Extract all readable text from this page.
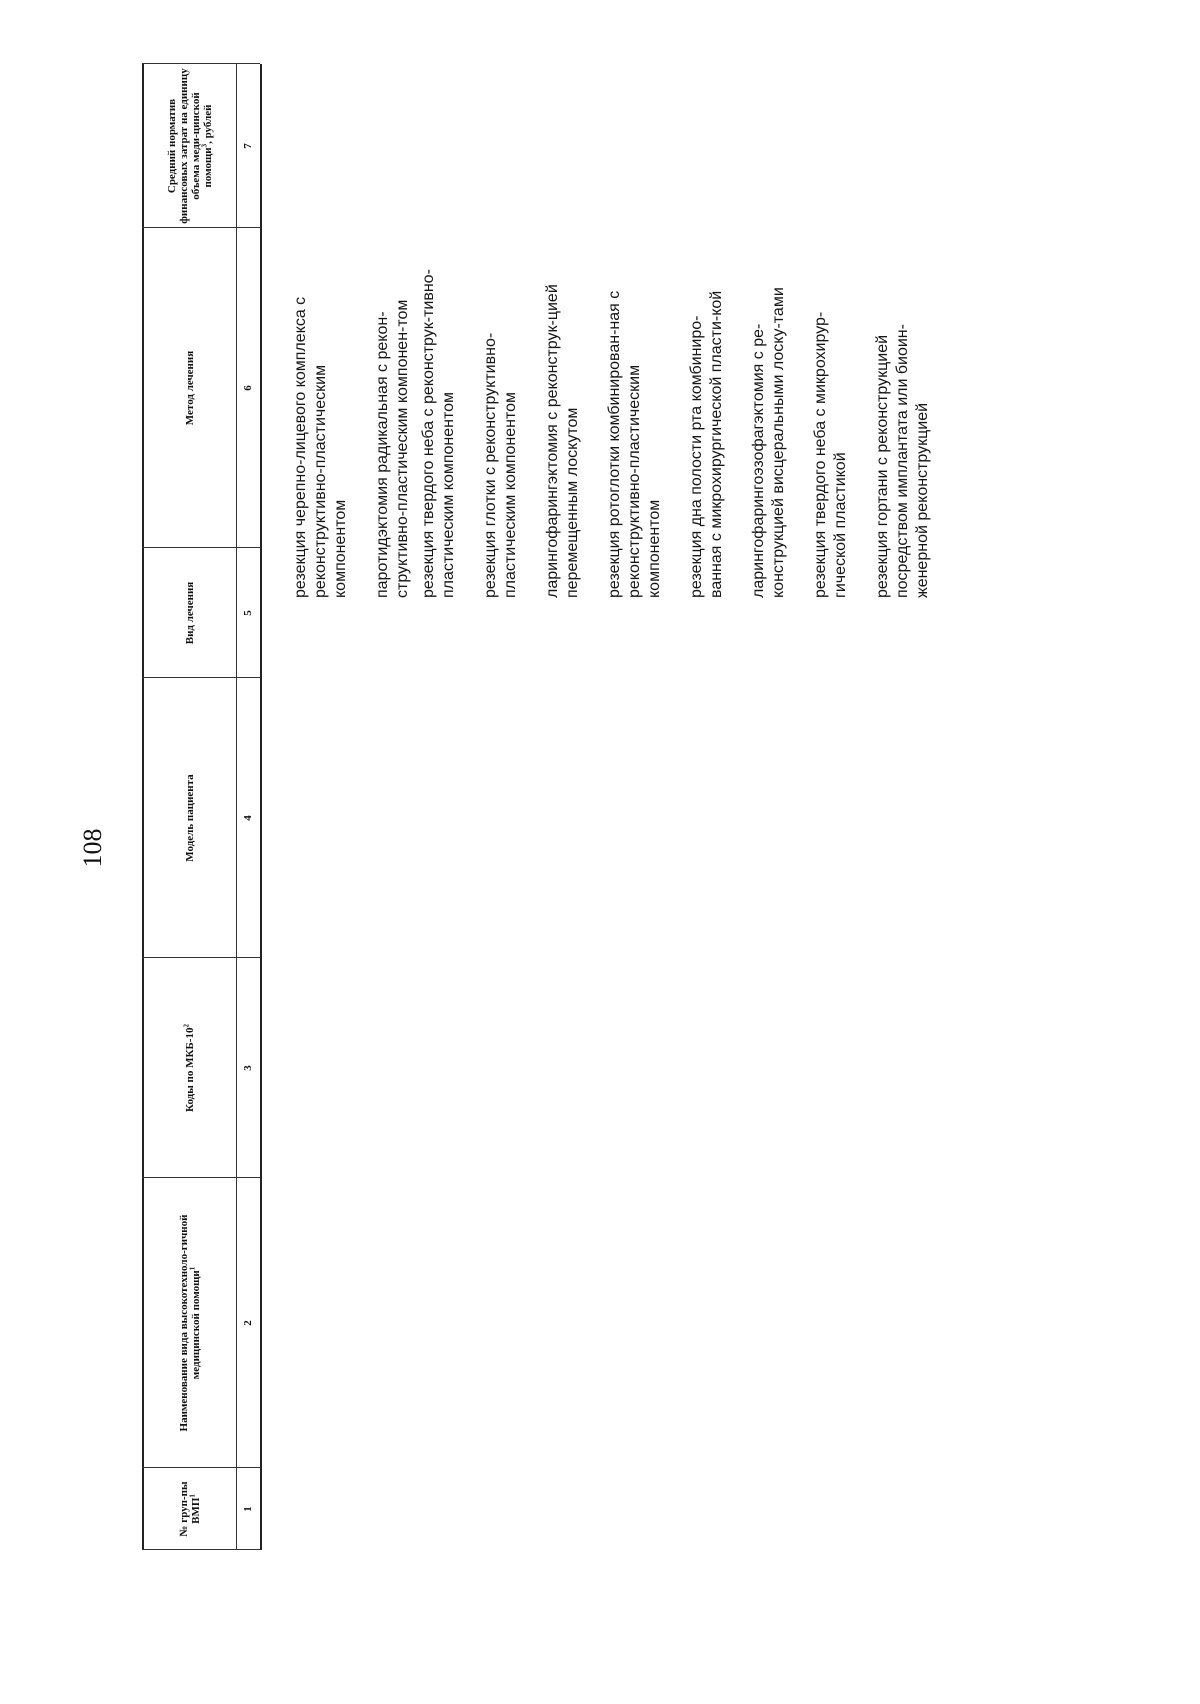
108
№ груп-пы ВМП$^1$
Наименование вида высокотехноло-гичной медицинской помощи$^1$
Коды по МКБ-$10^2$
Модель пациента
Вид лечения
Метод лечения
Средний норматив финансовых затрат на единицу объема меди-цинской помощи$^3$, рублей
1
2
3
4
5
6
7
резекция черепно-лицевого комплекса с реконструктивно-пластическим компонентом паротидэктомия радикальная с рекон-структивно-пластическим компонен-том резекция твердого неба с реконструк-тивно-пластическим компонентом резекция глотки с реконструктивно-пластическим компонентом ларингофарингэктомия с реконструк-цией перемещенным лоскутом резекция ротоглотки комбинирован-ная с реконструктивно-пластическим компонентом резекция дна полости рта комбиниро-ванная с микрохирургической пласти-кой ларингофарингоэзофагэктомия с ре-конструкцией висцеральными лоску-тами резекция твердого неба с микрохирур-гической пластикой резекция гортани с реконструкцией посредством имплантата или биоин-женерной реконструкцией
